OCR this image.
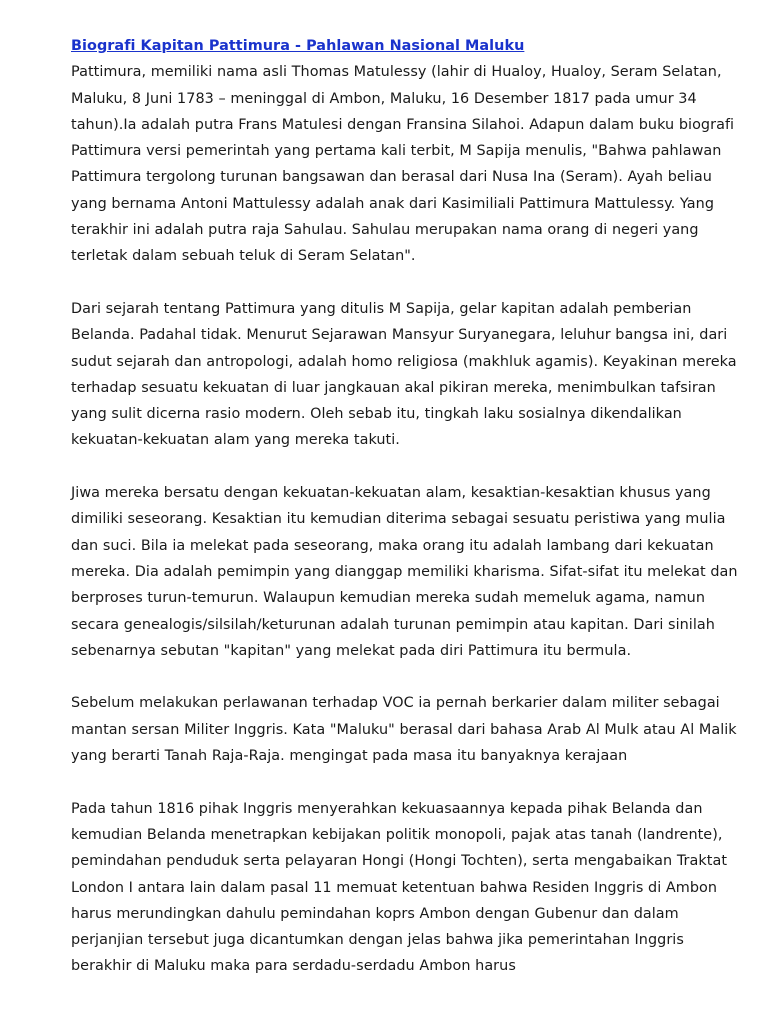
Biografi Kapitan Pattimura - Pahlawan Nasional Maluku

Pattimura, memiliki nama asli Thomas Matulessy (lahir di Hualoy, Hualoy, Seram Selatan, Maluku, 8 Juni 1783 – meninggal di Ambon, Maluku, 16 Desember 1817 pada umur 34 tahun).Ia adalah putra Frans Matulesi dengan Fransina Silahoi. Adapun dalam buku biografi Pattimura versi pemerintah yang pertama kali terbit, M Sapija menulis, "Bahwa pahlawan Pattimura tergolong turunan bangsawan dan berasal dari Nusa Ina (Seram). Ayah beliau yang bernama Antoni Mattulessy adalah anak dari Kasimiliali Pattimura Mattulessy. Yang terakhir ini adalah putra raja Sahulau. Sahulau merupakan nama orang di negeri yang terletak dalam sebuah teluk di Seram Selatan".

Dari sejarah tentang Pattimura yang ditulis M Sapija, gelar kapitan adalah pemberian Belanda. Padahal tidak. Menurut Sejarawan Mansyur Suryanegara, leluhur bangsa ini, dari sudut sejarah dan antropologi, adalah homo religiosa (makhluk agamis). Keyakinan mereka terhadap sesuatu kekuatan di luar jangkauan akal pikiran mereka, menimbulkan tafsiran yang sulit dicerna rasio modern. Oleh sebab itu, tingkah laku sosialnya dikendalikan kekuatan-kekuatan alam yang mereka takuti.

Jiwa mereka bersatu dengan kekuatan-kekuatan alam, kesaktian-kesaktian khusus yang dimiliki seseorang. Kesaktian itu kemudian diterima sebagai sesuatu peristiwa yang mulia dan suci. Bila ia melekat pada seseorang, maka orang itu adalah lambang dari kekuatan mereka. Dia adalah pemimpin yang dianggap memiliki kharisma. Sifat-sifat itu melekat dan berproses turun-temurun. Walaupun kemudian mereka sudah memeluk agama, namun secara genealogis/silsilah/keturunan adalah turunan pemimpin atau kapitan. Dari sinilah sebenarnya sebutan "kapitan" yang melekat pada diri Pattimura itu bermula.

Sebelum melakukan perlawanan terhadap VOC ia pernah berkarier dalam militer sebagai mantan sersan Militer Inggris. Kata "Maluku" berasal dari bahasa Arab Al Mulk atau Al Malik yang berarti Tanah Raja-Raja. mengingat pada masa itu banyaknya kerajaan

Pada tahun 1816 pihak Inggris menyerahkan kekuasaannya kepada pihak Belanda dan kemudian Belanda menetrapkan kebijakan politik monopoli, pajak atas tanah (landrente), pemindahan penduduk serta pelayaran Hongi (Hongi Tochten), serta mengabaikan Traktat London I antara lain dalam pasal 11 memuat ketentuan bahwa Residen Inggris di Ambon harus merundingkan dahulu pemindahan koprs Ambon dengan Gubenur dan dalam perjanjian tersebut juga dicantumkan dengan jelas bahwa jika pemerintahan Inggris berakhir di Maluku maka para serdadu-serdadu Ambon harus
